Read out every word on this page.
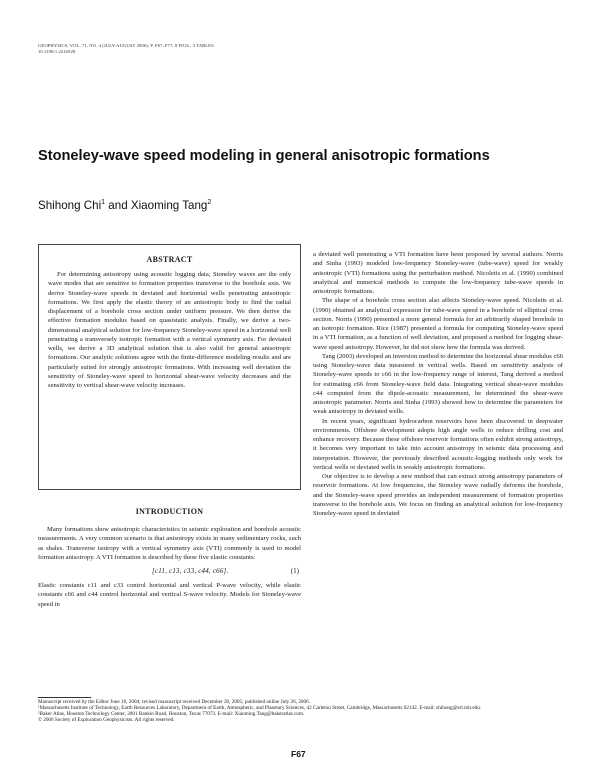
GEOPHYSICS, VOL. 71, NO. 4 (JULY-AUGUST 2006); P. F67–F77, 8 FIGS., 3 TABLES.
10.1190/1.2216928
Stoneley-wave speed modeling in general anisotropic formations
Shihong Chi$^1$ and Xiaoming Tang$^2$
ABSTRACT

For determining anisotropy using acoustic logging data, Stoneley waves are the only wave modes that are sensitive to formation properties transverse to the borehole axis. We derive Stoneley-wave speeds in deviated and horizontal wells penetrating anisotropic formations. We first apply the elastic theory of an anisotropic body to find the radial displacement of a borehole cross section under uniform pressure. We then derive the effective formation modulus based on quasistatic analysis. Finally, we derive a two-dimensional analytical solution for low-frequency Stoneley-wave speed in a horizontal well penetrating a transversely isotropic formation with a vertical symmetry axis. For deviated wells, we derive a 3D analytical solution that is also valid for general anisotropic formations. Our analytic solutions agree with the finite-difference modeling results and are particularly suited for strongly anisotropic formations. With increasing well deviation the sensitivity of Stoneley-wave speed to horizontal shear-wave velocity decreases and the sensitivity to vertical shear-wave velocity increases.

INTRODUCTION

Many formations show anisotropic characteristics in seismic exploration and borehole acoustic measurements. A very common scenario is that anisotropy exists in many sedimentary rocks, such as shales. Transverse isotropy with a vertical symmetry axis (VTI) commonly is used to model formation anisotropy. A VTI formation is described by these five elastic constants:

[c11, c13, c33, c44, c66].	(1)

Elastic constants c11 and c33 control horizontal and vertical P-wave velocity, while elastic constants c66 and c44 control horizontal and vertical S-wave velocity. Models for Stoneley-wave speed in

a deviated well penetrating a VTI formation have been proposed by several authors. Norris and Sinha (1993) modeled low-frequency Stoneley-wave (tube-wave) speed for weakly anisotropic (VTI) formations using the perturbation method. Nicoletis et al. (1990) combined analytical and numerical methods to compute the low-frequency tube-wave speeds in anisotropic formations.

The shape of a borehole cross section also affects Stoneley-wave speed. Nicoletis et al. (1990) obtained an analytical expression for tube-wave speed in a borehole of elliptical cross section. Norris (1990) presented a more general formula for an arbitrarily shaped borehole in an isotropic formation. Rice (1987) presented a formula for computing Stoneley-wave speed in a VTI formation, as a function of well deviation, and proposed a method for logging shear-wave speed anisotropy. However, he did not show how the formula was derived.

Tang (2003) developed an inversion method to determine the horizontal shear modulus c66 using Stoneley-wave data measured in vertical wells. Based on sensitivity analysis of Stoneley-wave speeds to c66 in the low-frequency range of interest, Tang derived a method for estimating c66 from Stoneley-wave field data. Integrating vertical shear-wave modulus c44 computed from the dipole-acoustic measurement, he determined the shear-wave anisotropic parameter. Norris and Sinha (1993) showed how to determine the parameters for weak anisotropy in deviated wells.

In recent years, significant hydrocarbon reservoirs have been discovered in deepwater environments. Offshore development adopts high angle wells to reduce drilling cost and enhance recovery. Because these offshore reservoir formations often exhibit strong anisotropy, it becomes very important to take into account anisotropy in seismic data processing and interpretation. However, the previously described acoustic-logging methods only work for vertical wells or deviated wells in weakly anisotropic formations.

Our objective is to develop a new method that can extract strong anisotropy parameters of reservoir formations. At low frequencies, the Stoneley wave radially deforms the borehole, and the Stoneley-wave speed provides an independent measurement of formation properties transverse to the borehole axis. We focus on finding an analytical solution for low-frequency Stoneley-wave speed in deviated

Manuscript received by the Editor June 16, 2004; revised manuscript received December 20, 2005; published online July 26, 2006.
¹Massachusetts Institute of Technology, Earth Resources Laboratory, Department of Earth, Atmospheric, and Planetary Sciences, 42 Carleton Street, Cambridge, Massachusetts 02142. E-mail: shihong@erl.mit.edu.
²Baker Atlas, Houston Technology Center, 2001 Rankin Road, Houston, Texas 77073. E-mail: Xiaoming.Tang@bakeratlas.com.
© 2006 Society of Exploration Geophysicists. All rights reserved.
F67
